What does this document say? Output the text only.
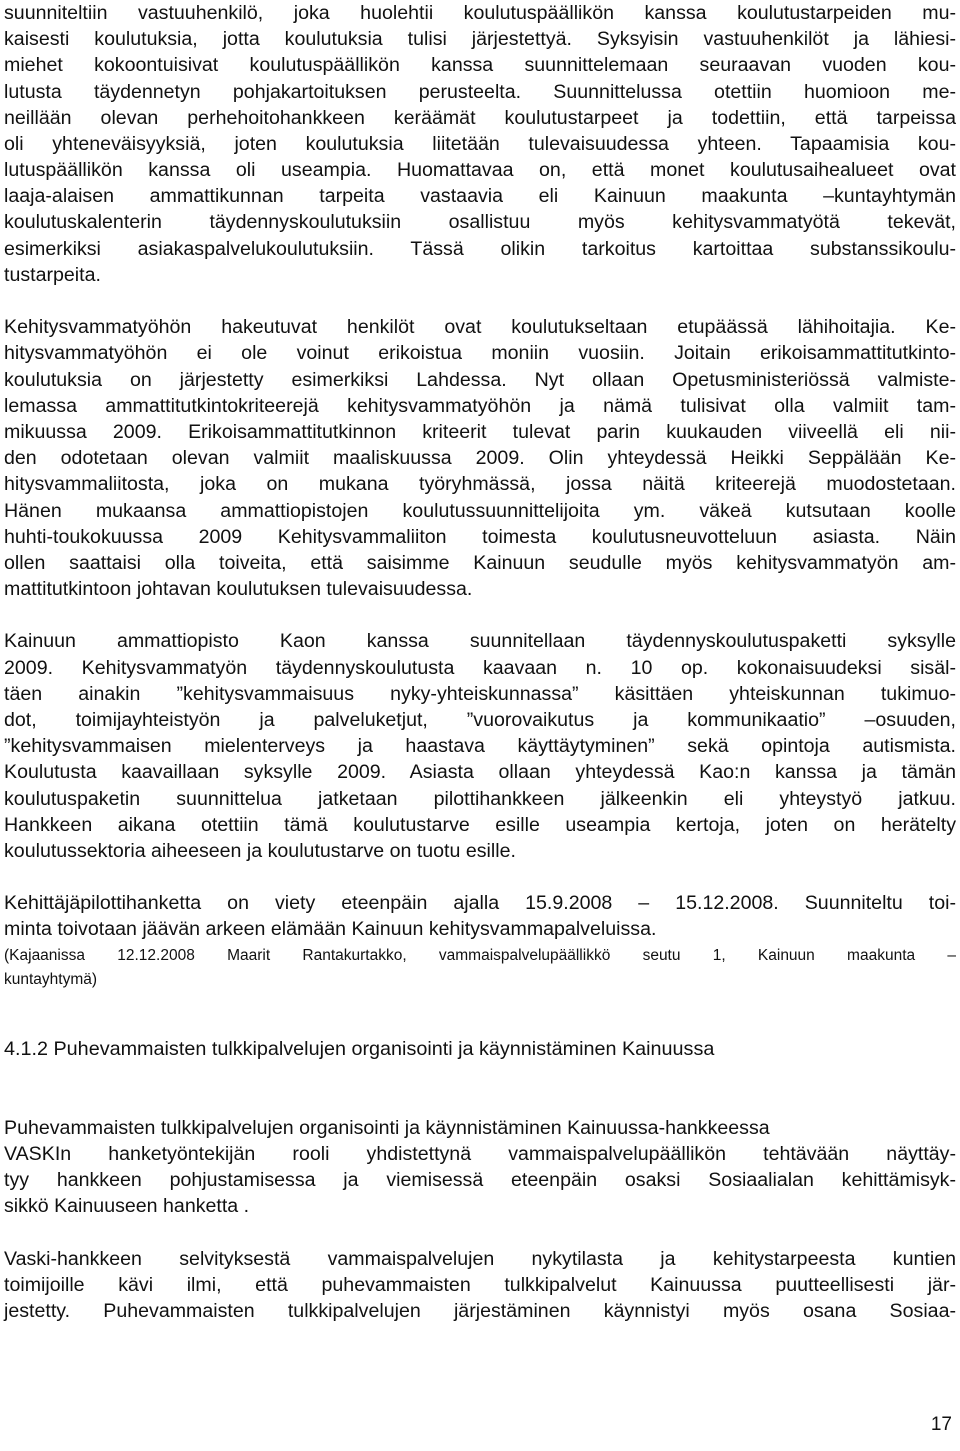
suunniteltiin vastuuhenkilö, joka huolehtii koulutuspäällikön kanssa koulutustarpeiden mu-
kaisesti koulutuksia, jotta koulutuksia tulisi järjestettyä. Syksyisin vastuuhenkilöt ja lähiesi-
miehet kokoontuisivat koulutuspäällikön kanssa suunnittelemaan seuraavan vuoden kou-
lutusta täydennetyn pohjakartoituksen perusteelta. Suunnittelussa otettiin huomioon me-
neillään olevan perhehoitohankkeen keräämät koulutustarpeet ja todettiin, että tarpeissa
oli yhteneväisyyksiä, joten koulutuksia liitetään tulevaisuudessa yhteen. Tapaamisia kou-
lutuspäällikön kanssa oli useampia. Huomattavaa on, että monet koulutusaihealueet ovat
laaja-alaisen ammattikunnan tarpeita vastaavia eli Kainuun maakunta –kuntayhtymän
koulutuskalenterin täydennyskoulutuksiin osallistuu myös kehitysvammatyötä tekevät,
esimerkiksi asiakaspalvelukoulutuksiin. Tässä olikin tarkoitus kartoittaa substanssikoulu-
tustarpeita.
Kehitysvammatyöhön hakeutuvat henkilöt ovat koulutukseltaan etupäässä lähihoitajia. Ke-
hitysvammatyöhön ei ole voinut erikoistua moniin vuosiin. Joitain erikoisammattitutkinto-
koulutuksia on järjestetty esimerkiksi Lahdessa. Nyt ollaan Opetusministeriössä valmiste-
lemassa ammattitutkintokriteerejä kehitysvammatyöhön ja nämä tulisivat olla valmiit tam-
mikuussa 2009. Erikoisammattitutkinnon kriteerit tulevat parin kuukauden viiveellä eli nii-
den odotetaan olevan valmiit maaliskuussa 2009. Olin yhteydessä Heikki Seppälään Ke-
hitysvammaliitosta, joka on mukana työryhmässä, jossa näitä kriteerejä muodostetaan.
Hänen mukaansa ammattiopistojen koulutussuunnittelijoita ym. väkeä kutsutaan koolle
huhti-toukokuussa 2009 Kehitysvammaliiton toimesta koulutusneuvotteluun asiasta. Näin
ollen saattaisi olla toiveita, että saisimme Kainuun seudulle myös kehitysvammatyön am-
mattitutkintoon johtavan koulutuksen tulevaisuudessa.
Kainuun ammattiopisto Kaon kanssa suunnitellaan täydennyskoulutuspaketti syksylle
2009. Kehitysvammatyön täydennyskoulutusta kaavaan n. 10 op. kokonaisuudeksi sisäl-
täen ainakin ”kehitysvammaisuus nyky-yhteiskunnassa” käsittäen yhteiskunnan tukimuo-
dot, toimijayhteistyön ja palveluketjut, ”vuorovaikutus ja kommunikaatio” –osuuden,
”kehitysvammaisen mielenterveys ja haastava käyttäytyminen” sekä opintoja autismista.
Koulutusta kaavaillaan syksylle 2009. Asiasta ollaan yhteydessä Kao:n kanssa ja tämän
koulutuspaketin suunnittelua jatketaan pilottihankkeen jälkeenkin eli yhteystyö jatkuu.
Hankkeen aikana otettiin tämä koulutustarve esille useampia kertoja, joten on herätelty
koulutussektoria aiheeseen ja koulutustarve on tuotu esille.
Kehittäjäpilottihanketta on viety eteenpäin ajalla 15.9.2008 – 15.12.2008. Suunniteltu toi-
minta toivotaan jäävän arkeen elämään Kainuun kehitysvammapalveluissa.
(Kajaanissa 12.12.2008 Maarit Rantakurtakko, vammaispalvelupäällikkö seutu 1, Kainuun maakunta –
kuntayhtymä)
4.1.2 Puhevammaisten tulkkipalvelujen organisointi ja käynnistäminen Kainuussa
Puhevammaisten tulkkipalvelujen organisointi ja käynnistäminen Kainuussa-hankkeessa
VASKIn hanketyöntekijän rooli yhdistettynä vammaispalvelupäällikön tehtävään näyttäy-
tyy hankkeen pohjustamisessa ja viemisessä eteenpäin osaksi Sosiaalialan kehittämisyk-
sikkö Kainuuseen hanketta .
Vaski-hankkeen selvityksestä vammaispalvelujen nykytilasta ja kehitystarpeesta kuntien
toimijoille kävi ilmi, että puhevammaisten tulkkipalvelut Kainuussa puutteellisesti jär-
jestetty. Puhevammaisten tulkkipalvelujen järjestäminen käynnistyi myös osana Sosiaa-
17
